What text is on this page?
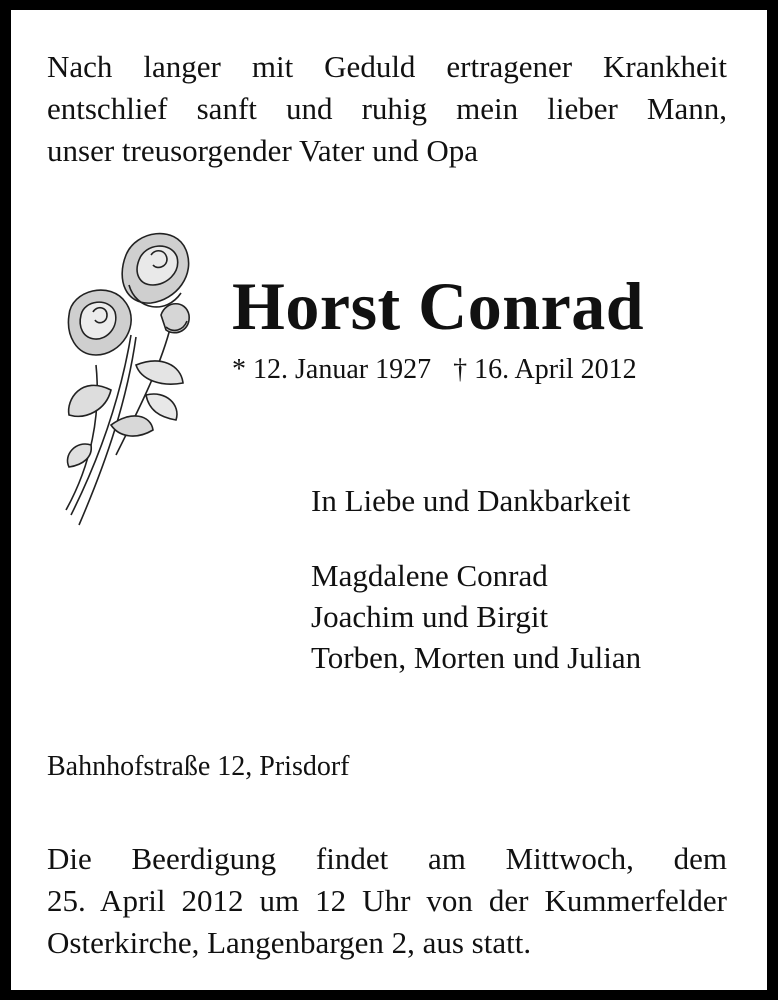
Nach langer mit Geduld ertragener Krankheit
entschlief sanft und ruhig mein lieber Mann,
unser treusorgender Vater und Opa
Horst Conrad
* 12. Januar 1927 † 16. April 2012
In Liebe und Dankbarkeit
Magdalene Conrad
Joachim und Birgit
Torben, Morten und Julian
Bahnhofstraße 12, Prisdorf
Die Beerdigung findet am Mittwoch, dem
25. April 2012 um 12 Uhr von der Kummerfelder
Osterkirche, Langenbargen 2, aus statt.
